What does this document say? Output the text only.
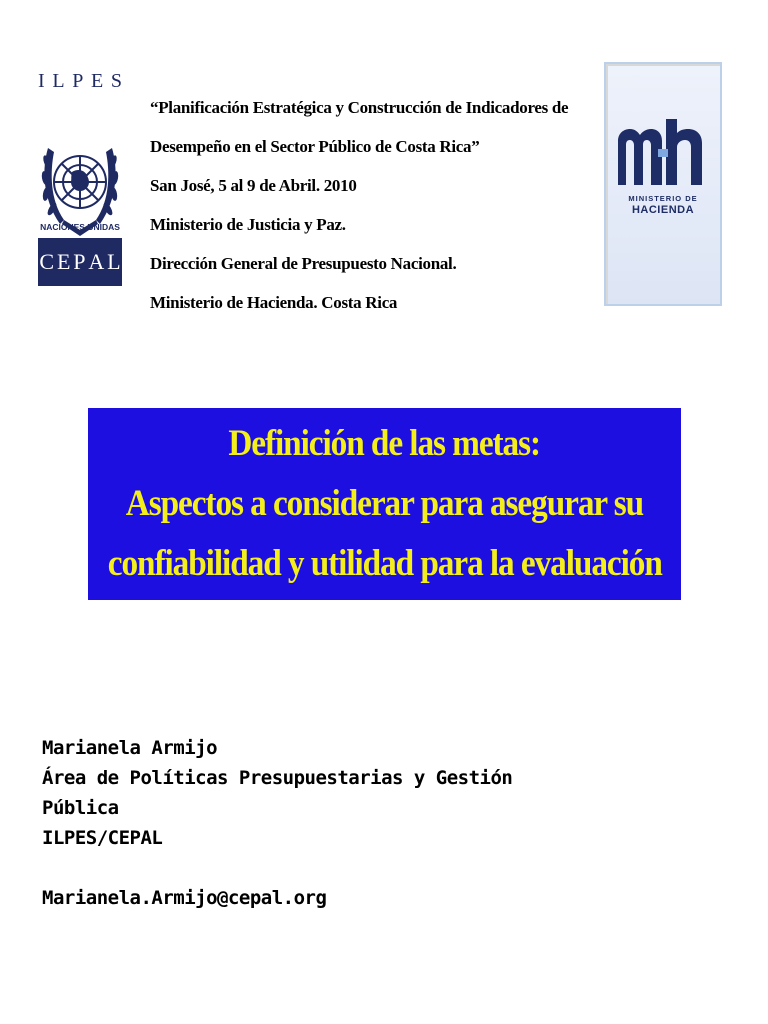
I L P E S
NACIONES UNIDAS
C E P A L
“Planificación Estratégica y Construcción de Indicadores de
Desempeño en el Sector Público de Costa Rica”
San José, 5 al 9 de Abril. 2010
Ministerio de Justicia y Paz.
Dirección General de Presupuesto Nacional.
Ministerio de Hacienda. Costa Rica
MINISTERIO DE
HACIENDA
Definición de las metas:
Aspectos a considerar para asegurar su
confiabilidad y utilidad para la evaluación
Marianela Armijo
Área de Políticas Presupuestarias y Gestión
Pública
ILPES/CEPAL
Marianela.Armijo@cepal.org
